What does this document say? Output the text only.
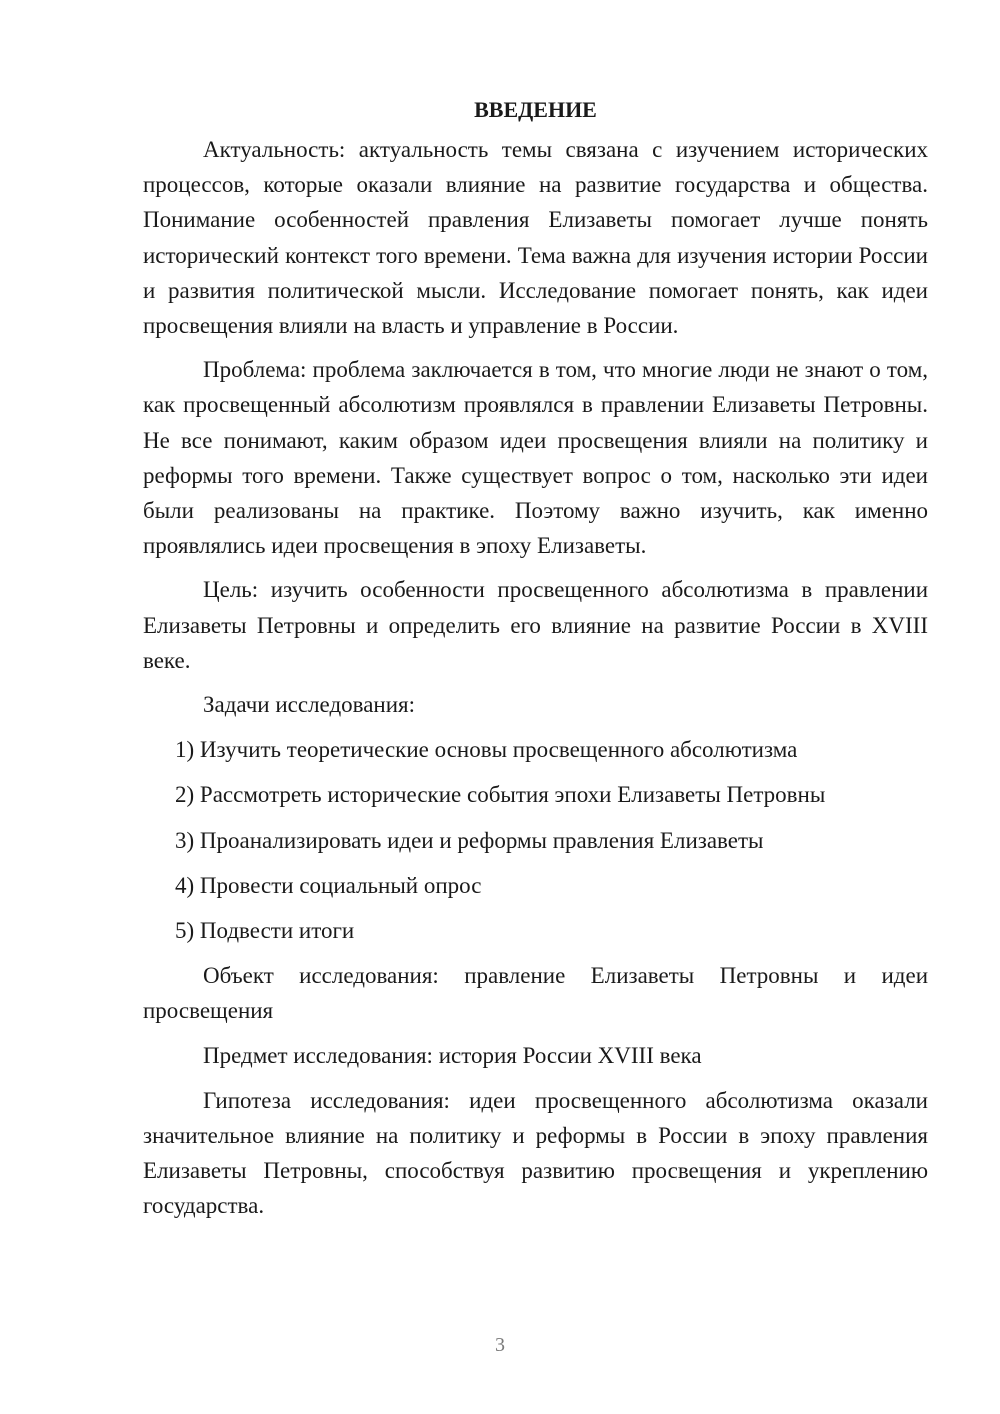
ВВЕДЕНИЕ

Актуальность: актуальность темы связана с изучением исторических процессов, которые оказали влияние на развитие государства и общества. Понимание особенностей правления Елизаветы помогает лучше понять исторический контекст того времени. Тема важна для изучения истории России и развития политической мысли. Исследование помогает понять, как идеи просвещения влияли на власть и управление в России.

Проблема: проблема заключается в том, что многие люди не знают о том, как просвещенный абсолютизм проявлялся в правлении Елизаветы Петровны. Не все понимают, каким образом идеи просвещения влияли на политику и реформы того времени. Также существует вопрос о том, насколько эти идеи были реализованы на практике. Поэтому важно изучить, как именно проявлялись идеи просвещения в эпоху Елизаветы.

Цель: изучить особенности просвещенного абсолютизма в правлении Елизаветы Петровны и определить его влияние на развитие России в XVIII веке.

Задачи исследования:

1) Изучить теоретические основы просвещенного абсолютизма

2) Рассмотреть исторические события эпохи Елизаветы Петровны

3) Проанализировать идеи и реформы правления Елизаветы

4) Провести социальный опрос

5) Подвести итоги

Объект исследования: правление Елизаветы Петровны и идеи просвещения

Предмет исследования: история России XVIII века

Гипотеза исследования: идеи просвещенного абсолютизма оказали значительное влияние на политику и реформы в России в эпоху правления Елизаветы Петровны, способствуя развитию просвещения и укреплению государства.

3
